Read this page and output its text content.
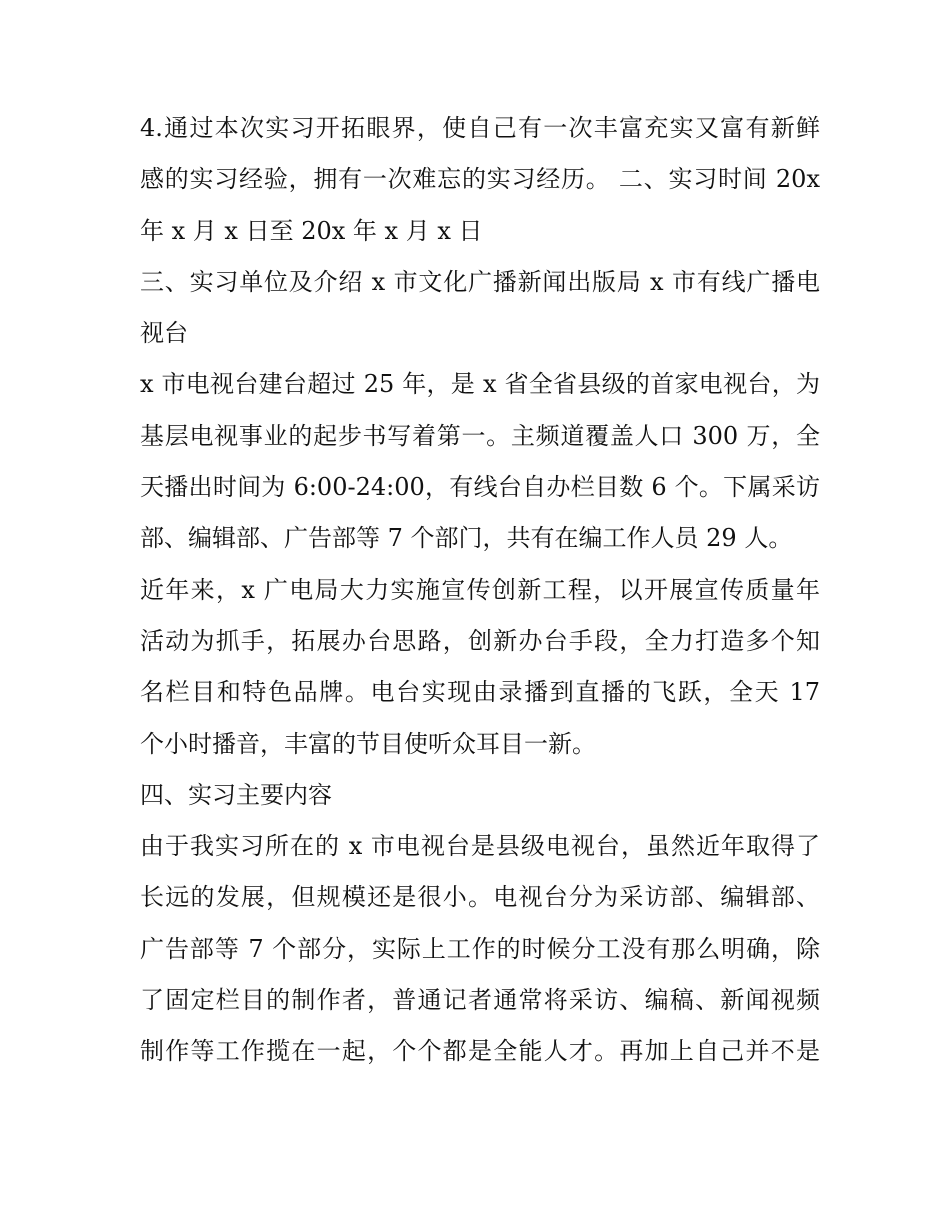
4.通过本次实习开拓眼界，使自己有一次丰富充实又富有新鲜
感的实习经验，拥有一次难忘的实习经历。 二、实习时间 20x
年 x 月 x 日至 20x 年 x 月 x 日
三、实习单位及介绍 x 市文化广播新闻出版局 x 市有线广播电
视台
x 市电视台建台超过 25 年，是 x 省全省县级的首家电视台，为
基层电视事业的起步书写着第一。主频道覆盖人口 300 万，全
天播出时间为 6:00-24:00，有线台自办栏目数 6 个。下属采访
部、编辑部、广告部等 7 个部门，共有在编工作人员 29 人。
近年来，x 广电局大力实施宣传创新工程，以开展宣传质量年
活动为抓手，拓展办台思路，创新办台手段，全力打造多个知
名栏目和特色品牌。电台实现由录播到直播的飞跃，全天 17
个小时播音，丰富的节目使听众耳目一新。
四、实习主要内容
由于我实习所在的 x 市电视台是县级电视台，虽然近年取得了
长远的发展，但规模还是很小。电视台分为采访部、编辑部、
广告部等 7 个部分，实际上工作的时候分工没有那么明确，除
了固定栏目的制作者，普通记者通常将采访、编稿、新闻视频
制作等工作揽在一起，个个都是全能人才。再加上自己并不是
